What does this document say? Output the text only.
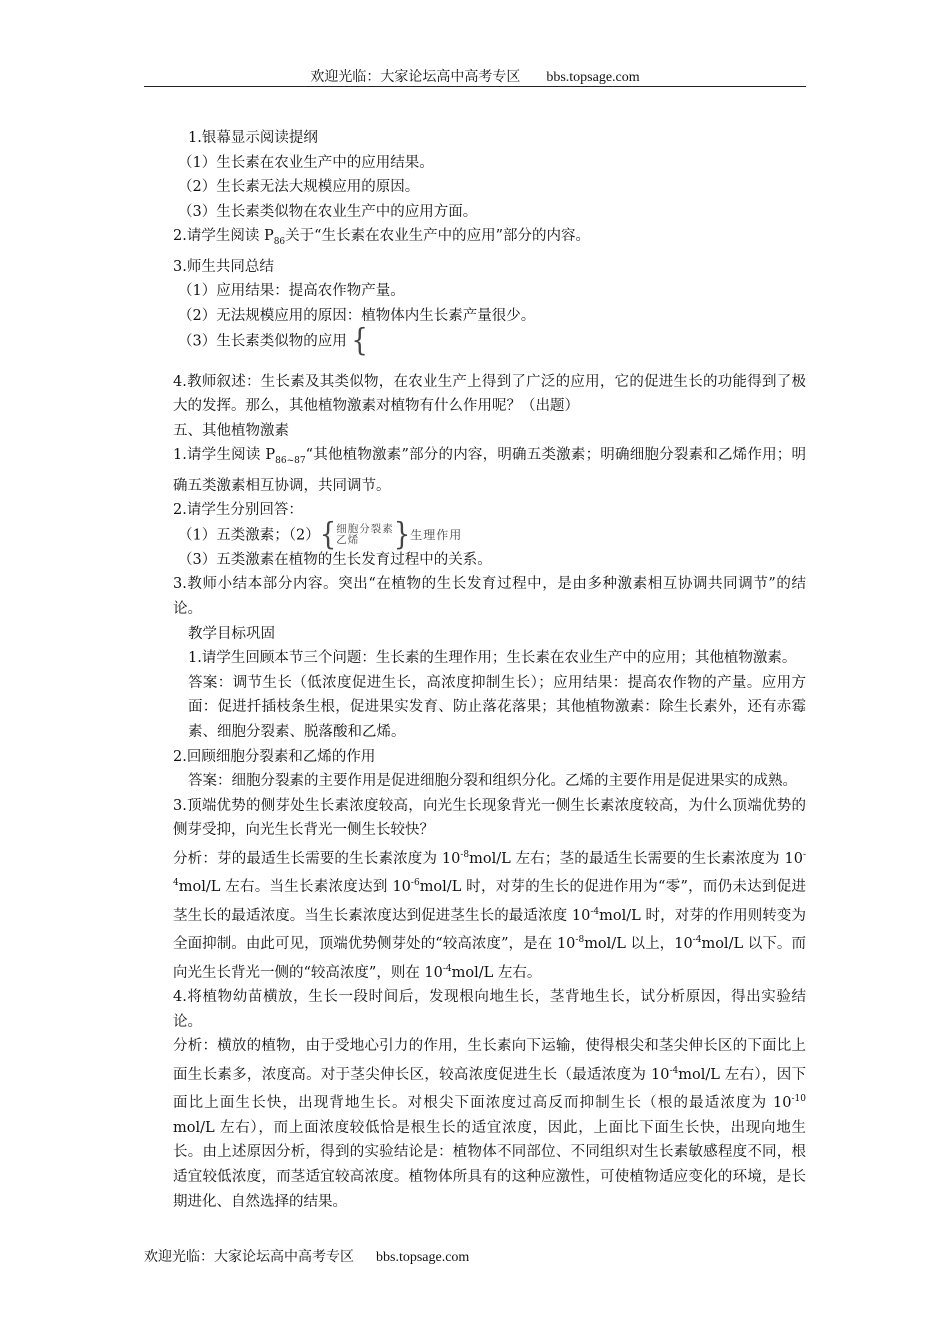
欢迎光临：大家论坛高中高考专区 bbs.topsage.com

1.银幕显示阅读提纲

（1）生长素在农业生产中的应用结果。

（2）生长素无法大规模应用的原因。

（3）生长素类似物在农业生产中的应用方面。

2.请学生阅读 $P_{86}$关于“生长素在农业生产中的应用”部分的内容。

3.师生共同总结

（1）应用结果：提高农作物产量。

（2）无法规模应用的原因：植物体内生长素产量很少。

（3）生长素类似物的应用 {

4.教师叙述：生长素及其类似物，在农业生产上得到了广泛的应用，它的促进生长的功能得到了极大的发挥。那么，其他植物激素对植物有什么作用呢？（出题）

五、其他植物激素

1.请学生阅读 $P_{86\sim 87}“$其他植物激素”部分的内容，明确五类激素；明确细胞分裂素和乙烯作用；明确五类激素相互协调，共同调节。

2.请学生分别回答：

（1）五类激素；（2）{细胞分裂素
乙烯 }生理作用

（3）五类激素在植物的生长发育过程中的关系。

3.教师小结本部分内容。突出“在植物的生长发育过程中，是由多种激素相互协调共同调节”的结论。

教学目标巩固

1.请学生回顾本节三个问题：生长素的生理作用；生长素在农业生产中的应用；其他植物激素。

答案：调节生长（低浓度促进生长，高浓度抑制生长）；应用结果：提高农作物的产量。应用方面：促进扦插枝条生根，促进果实发育、防止落花落果；其他植物激素：除生长素外，还有赤霉素、细胞分裂素、脱落酸和乙烯。

2.回顾细胞分裂素和乙烯的作用

答案：细胞分裂素的主要作用是促进细胞分裂和组织分化。乙烯的主要作用是促进果实的成熟。

3.顶端优势的侧芽处生长素浓度较高，向光生长现象背光一侧生长素浓度较高，为什么顶端优势的侧芽受抑，向光生长背光一侧生长较快？

分析：芽的最适生长需要的生长素浓度为 $10^{-8}mol/L$ 左右；茎的最适生长需要的生长素浓度为 $10^{-4}mol/L$ 左右。当生长素浓度达到 $10^{-6}mol/L$ 时，对芽的生长的促进作用为“零”，而仍未达到促进茎生长的最适浓度。当生长素浓度达到促进茎生长的最适浓度 $10^{-4}mol/L$ 时，对芽的作用则转变为全面抑制。由此可见，顶端优势侧芽处的“较高浓度”，是在 $10^{-8}mol/L$ 以上，$10^{-4}mol/L$ 以下。而向光生长背光一侧的“较高浓度”，则在 $10^{-4}mol/L$ 左右。

4.将植物幼苗横放，生长一段时间后，发现根向地生长，茎背地生长，试分析原因，得出实验结论。

分析：横放的植物，由于受地心引力的作用，生长素向下运输，使得根尖和茎尖伸长区的下面比上面生长素多，浓度高。对于茎尖伸长区，较高浓度促进生长（最适浓度为 $10^{-4}mol/L$ 左右），因下面比上面生长快，出现背地生长。对根尖下面浓度过高反而抑制生长（根的最适浓度为 $10^{-10}$ mol/L 左右），而上面浓度较低恰是根生长的适宜浓度，因此，上面比下面生长快，出现向地生长。由上述原因分析，得到的实验结论是：植物体不同部位、不同组织对生长素敏感程度不同，根适宜较低浓度，而茎适宜较高浓度。植物体所具有的这种应激性，可使植物适应变化的环境，是长期进化、自然选择的结果。

欢迎光临：大家论坛高中高考专区 bbs.topsage.com
